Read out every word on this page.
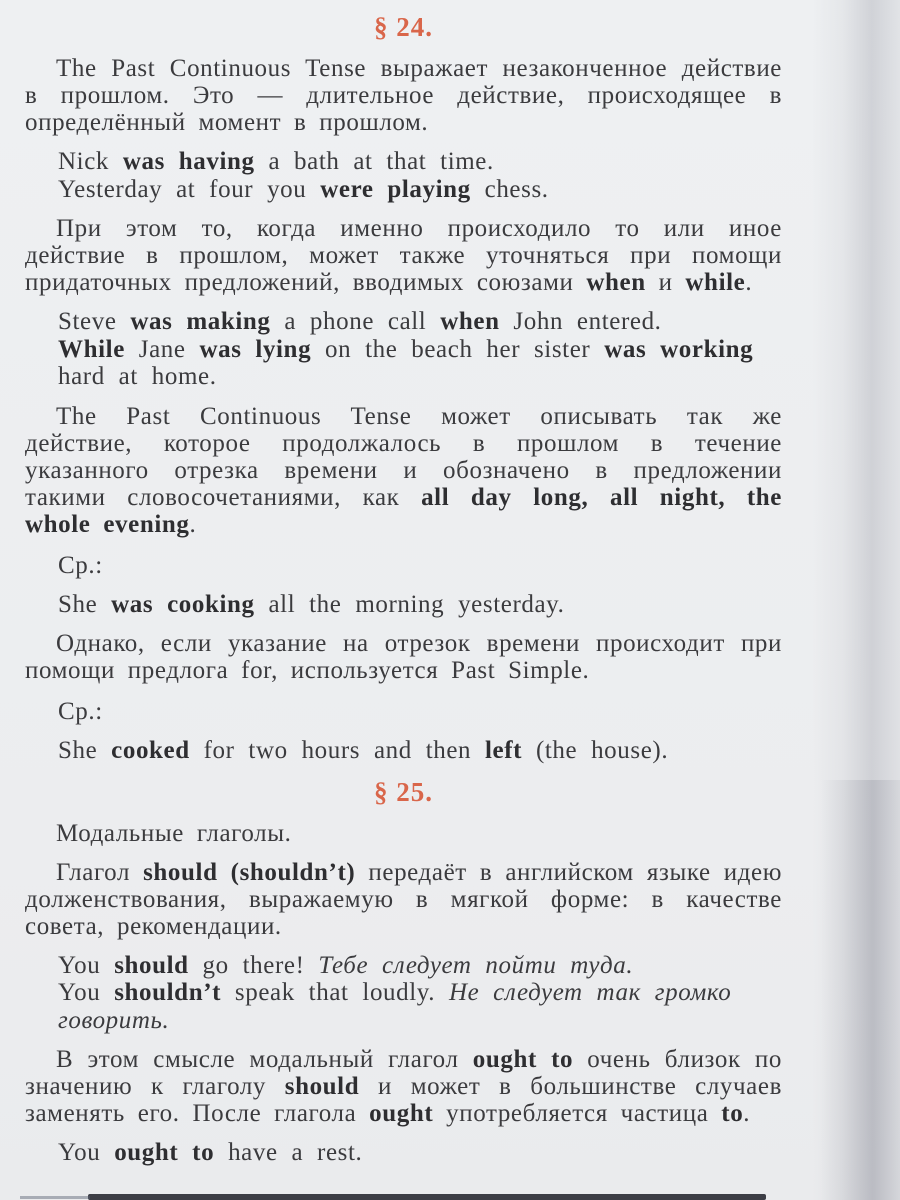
§ 24.

The Past Continuous Tense выражает незаконченное действие в прошлом. Это — длительное действие, происходящее в определённый момент в прошлом.

Nick was having a bath at that time.
Yesterday at four you were playing chess.

При этом то, когда именно происходило то или иное действие в прошлом, может также уточняться при помощи придаточных предложений, вводимых союзами when и while.

Steve was making a phone call when John entered.
While Jane was lying on the beach her sister was working hard at home.

The Past Continuous Tense может описывать так же действие, которое продолжалось в прошлом в течение указанного отрезка времени и обозначено в предложении такими словосочетаниями, как all day long, all night, the whole evening.

Ср.:

She was cooking all the morning yesterday.

Однако, если указание на отрезок времени происходит при помощи предлога for, используется Past Simple.

Ср.:

She cooked for two hours and then left (the house).
§ 25.

Модальные глаголы.

Глагол should (shouldn’t) передаёт в английском языке идею долженствования, выражаемую в мягкой форме: в качестве совета, рекомендации.

You should go there! Тебе следует пойти туда.
You shouldn’t speak that loudly. Не следует так громко говорить.

В этом смысле модальный глагол ought to очень близок по значению к глаголу should и может в большинстве случаев заменять его. После глагола ought употребляется частица to.

You ought to have a rest.
